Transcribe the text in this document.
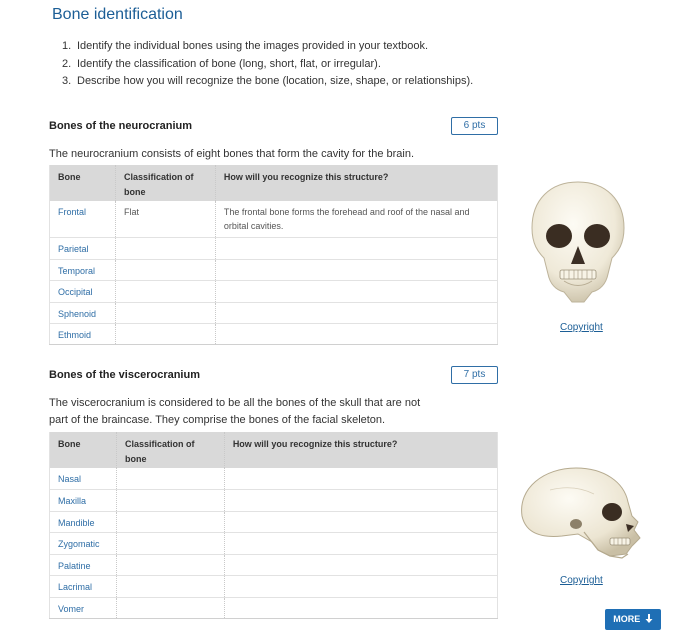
Bone identification
1. Identify the individual bones using the images provided in your textbook.
2. Identify the classification of bone (long, short, flat, or irregular).
3. Describe how you will recognize the bone (location, size, shape, or relationships).
Bones of the neurocranium	6 pts
The neurocranium consists of eight bones that form the cavity for the brain.
Bone	Classification of bone	How will you recognize this structure?
Frontal	Flat	The frontal bone forms the forehead and roof of the nasal and orbital cavities.
Parietal		
Temporal		
Occipital		
Sphenoid		
Ethmoid		
Copyright
Bones of the viscerocranium	7 pts
The viscerocranium is considered to be all the bones of the skull that are not
part of the braincase. They comprise the bones of the facial skeleton.
Bone	Classification of bone	How will you recognize this structure?
Nasal		
Maxilla		
Mandible		
Zygomatic		
Palatine		
Lacrimal		
Vomer		
Copyright
MORE
